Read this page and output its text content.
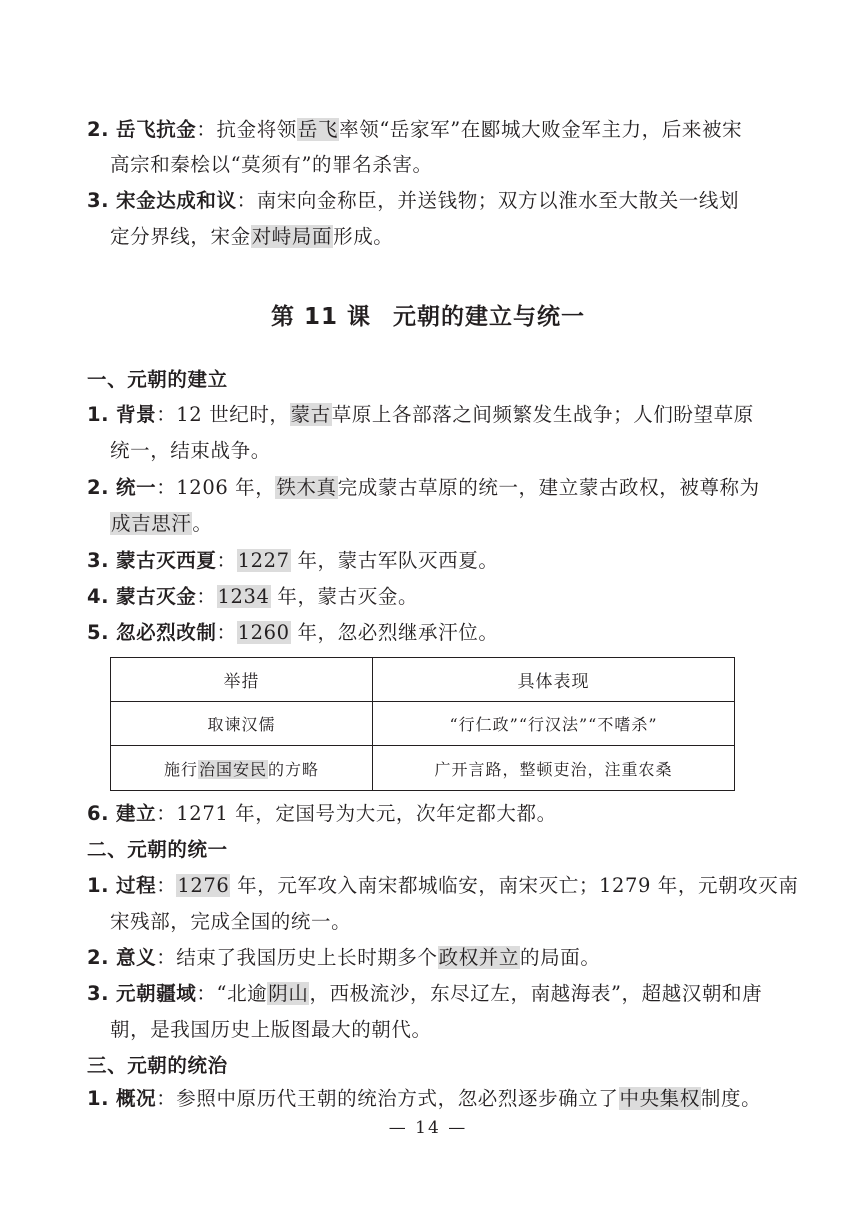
2. 岳飞抗金：抗金将领岳飞率领“岳家军”在郾城大败金军主力，后来被宋
高宗和秦桧以“莫须有”的罪名杀害。
3. 宋金达成和议：南宋向金称臣，并送钱物；双方以淮水至大散关一线划
定分界线，宋金对峙局面形成。
第 11 课 元朝的建立与统一
一、元朝的建立
1. 背景：12 世纪时，蒙古草原上各部落之间频繁发生战争；人们盼望草原
统一，结束战争。
2. 统一：1206 年，铁木真完成蒙古草原的统一，建立蒙古政权，被尊称为
成吉思汗。
3. 蒙古灭西夏：1227 年，蒙古军队灭西夏。
4. 蒙古灭金：1234 年，蒙古灭金。
5. 忽必烈改制：1260 年，忽必烈继承汗位。
举措	具体表现
取谏汉儒	“行仁政”“行汉法”“不嗜杀”
施行治国安民的方略	广开言路，整顿吏治，注重农桑
6. 建立：1271 年，定国号为大元，次年定都大都。
二、元朝的统一
1. 过程：1276 年，元军攻入南宋都城临安，南宋灭亡；1279 年，元朝攻灭南
宋残部，完成全国的统一。
2. 意义：结束了我国历史上长时期多个政权并立的局面。
3. 元朝疆域：“北逾阴山，西极流沙，东尽辽左，南越海表”，超越汉朝和唐
朝，是我国历史上版图最大的朝代。
三、元朝的统治
1. 概况：参照中原历代王朝的统治方式，忽必烈逐步确立了中央集权制度。
— 14 —
